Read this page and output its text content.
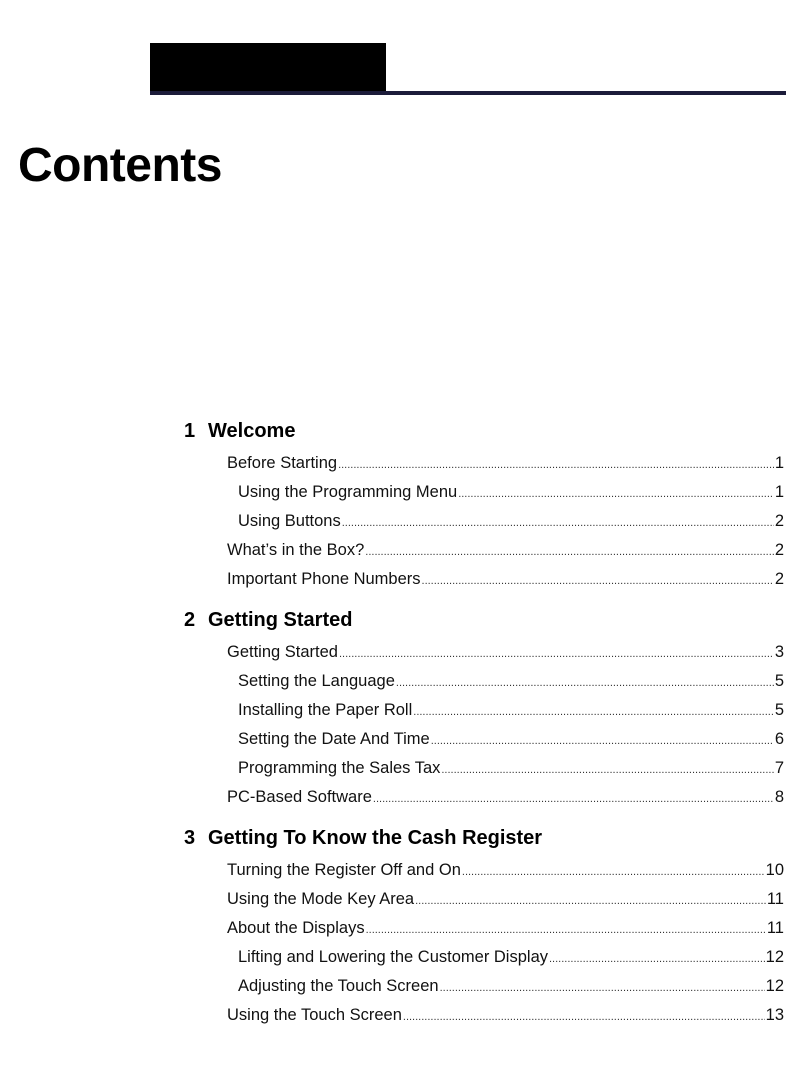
Contents
1 Welcome
Before Starting .....	1
Using the Programming Menu .....	1
Using Buttons .....	2
What’s in the Box? .....	2
Important Phone Numbers .....	2
2 Getting Started
Getting Started .....	3
Setting the Language .....	5
Installing the Paper Roll .....	5
Setting the Date And Time .....	6
Programming the Sales Tax .....	7
PC-Based Software .....	8
3 Getting To Know the Cash Register
Turning the Register Off and On .....	10
Using the Mode Key Area .....	11
About the Displays .....	11
Lifting and Lowering the Customer Display .....	12
Adjusting the Touch Screen .....	12
Using the Touch Screen .....	13
